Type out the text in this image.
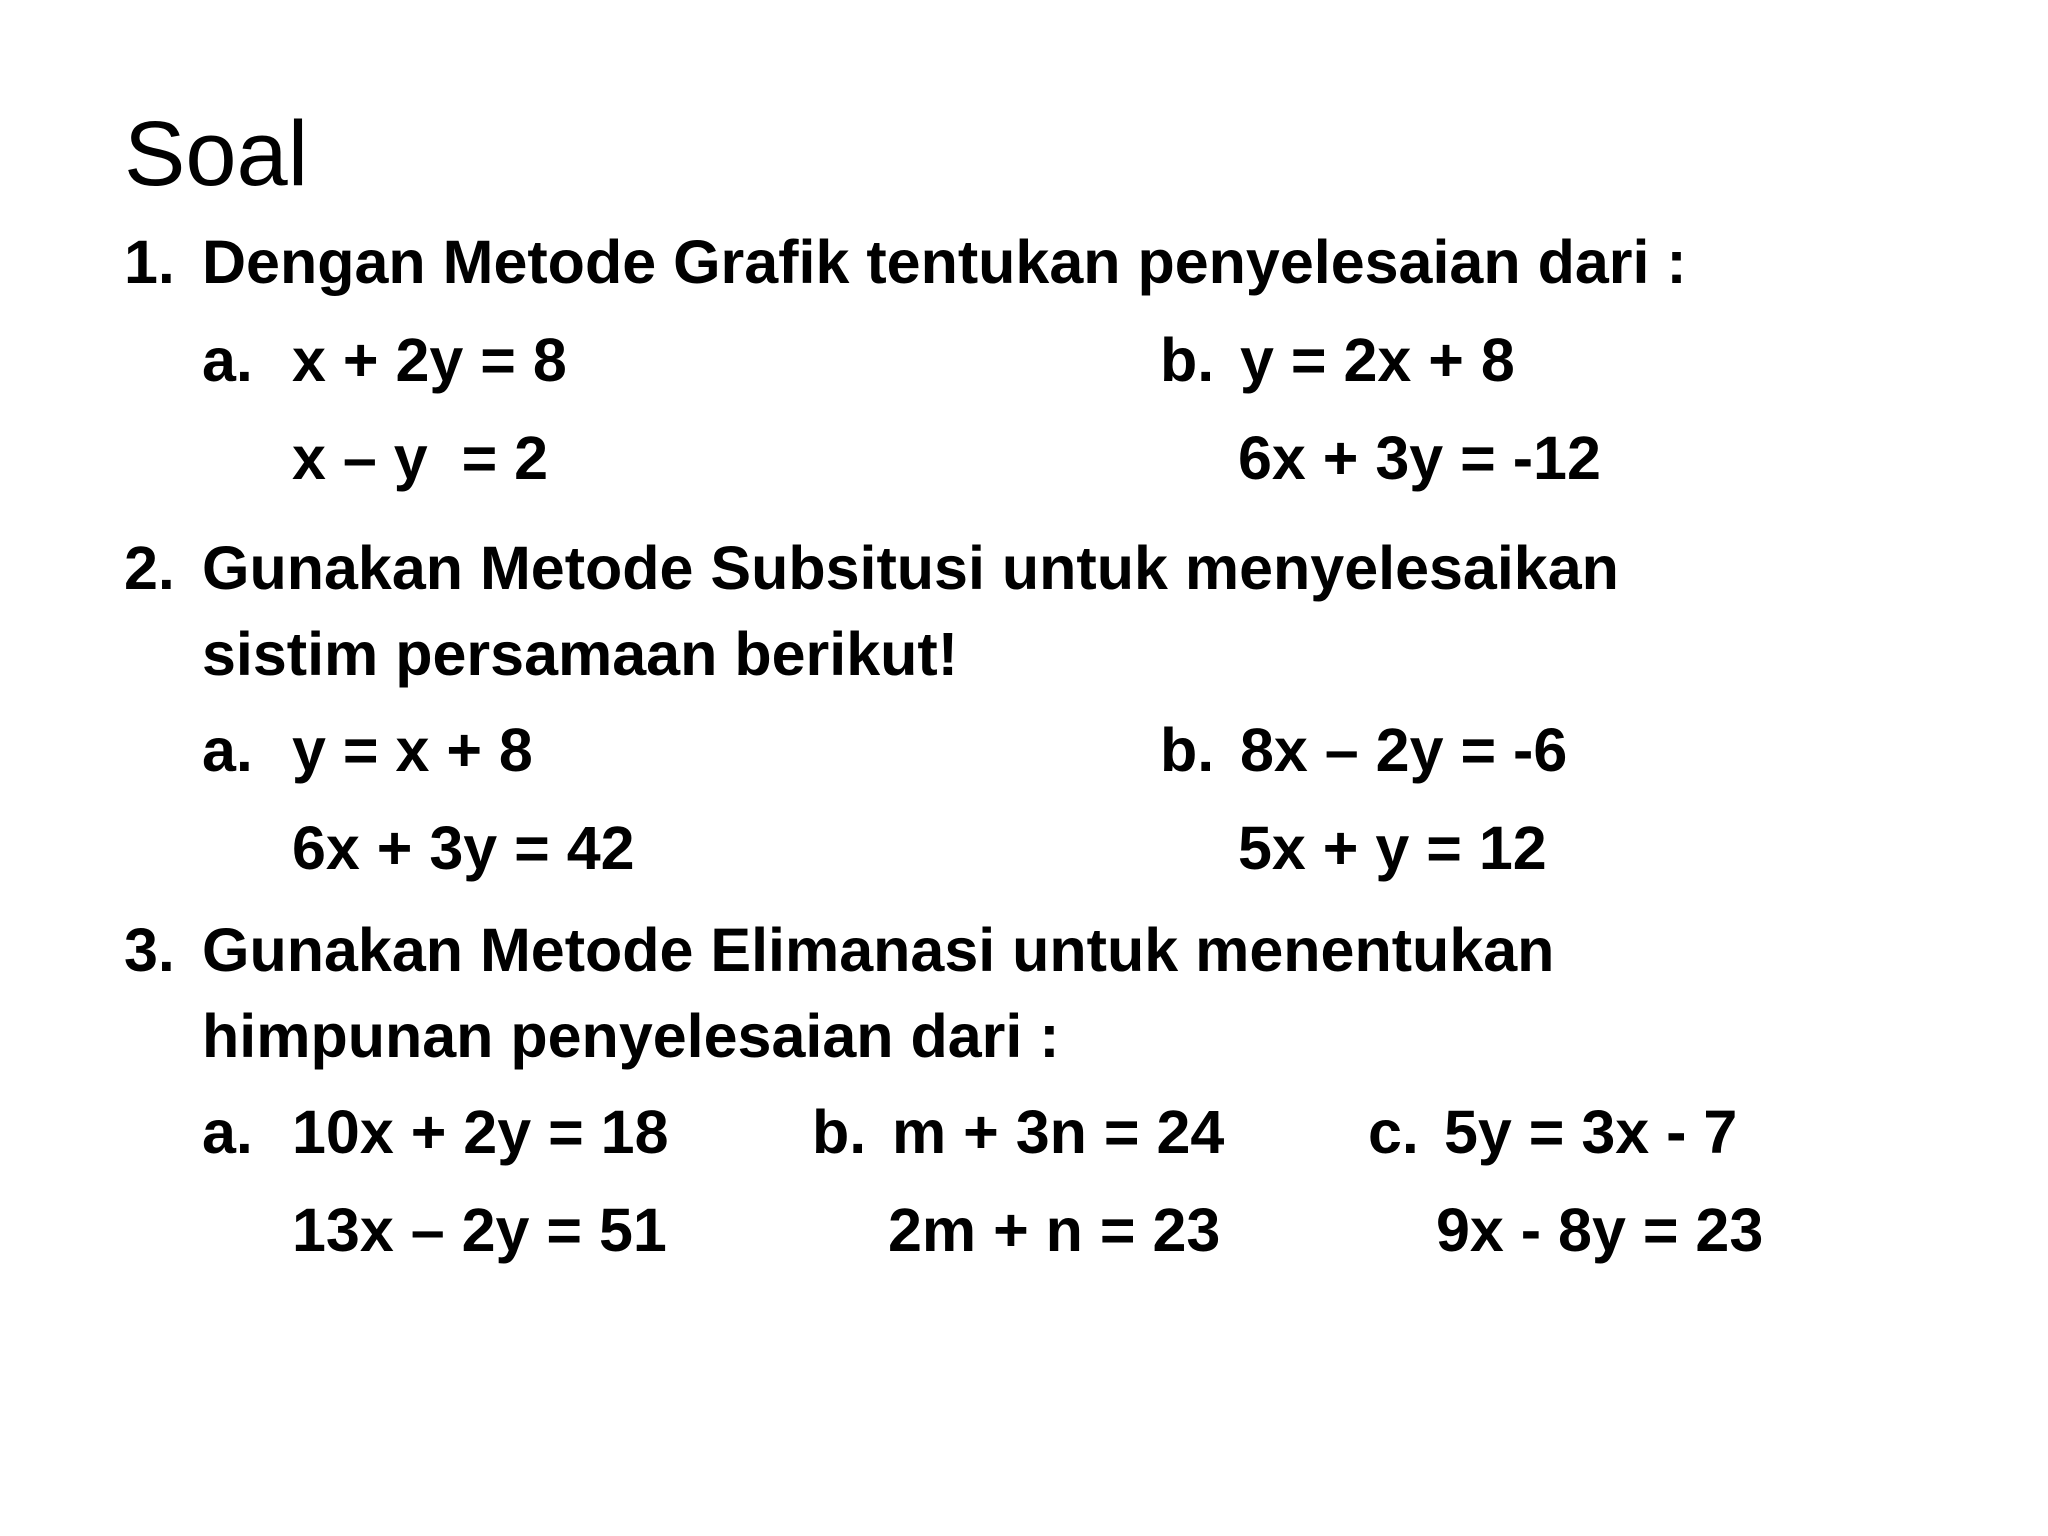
Soal
1. Dengan Metode Grafik tentukan penyelesaian dari :
a. x + 2y = 8
x – y  = 2
b. y = 2x + 8
6x + 3y = -12
2. Gunakan Metode Subsitusi untuk menyelesaikan
sistim persamaan berikut!
a. y = x + 8
6x + 3y = 42
b. 8x – 2y = -6
5x + y = 12
3. Gunakan Metode Elimanasi untuk menentukan
himpunan penyelesaian dari :
a. 10x + 2y = 18
13x – 2y = 51
b. m + 3n = 24
2m + n = 23
c. 5y = 3x - 7
9x - 8y = 23
